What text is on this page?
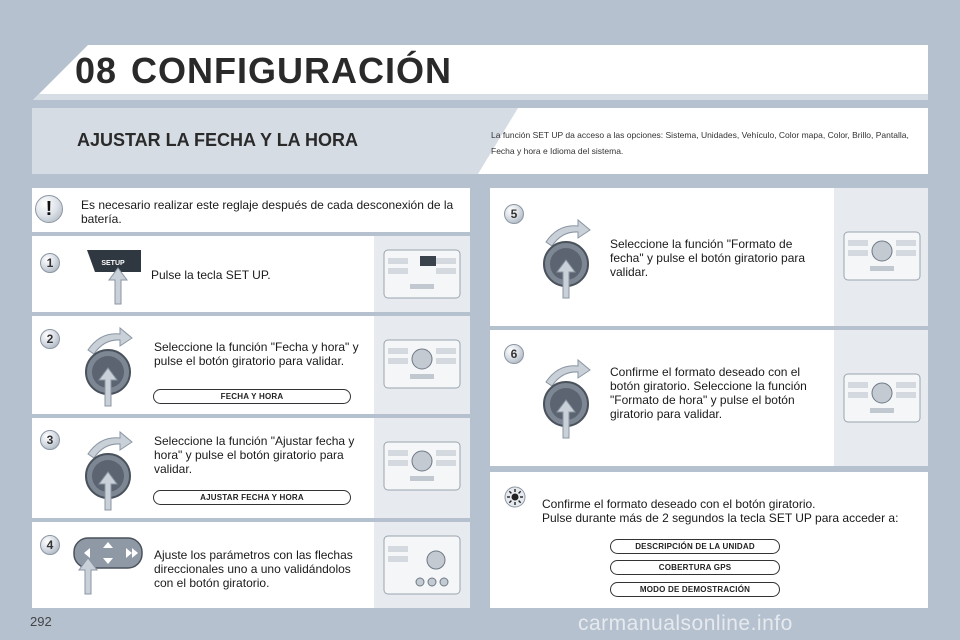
08 CONFIGURACIÓN
AJUSTAR LA FECHA Y LA HORA	La función SET UP da acceso a las opciones: Sistema, Unidades, Vehículo, Color mapa, Color, Brillo, Pantalla, Fecha y hora e Idioma del sistema.
! Es necesario realizar este reglaje después de cada desconexión de la batería.
1	SETUP
Pulse la tecla SET UP.
2
Seleccione la función "Fecha y hora" y pulse el botón giratorio para validar.
FECHA Y HORA
3	Seleccione la función "Ajustar fecha y hora" y pulse el botón giratorio para validar.
AJUSTAR FECHA Y HORA
4
Ajuste los parámetros con las flechas direccionales uno a uno validándolos con el botón giratorio.
5
Seleccione la función "Formato de fecha" y pulse el botón giratorio para validar.
6
Confirme el formato deseado con el botón giratorio. Seleccione la función "Formato de hora" y pulse el botón giratorio para validar.
Confirme el formato deseado con el botón giratorio.
Pulse durante más de 2 segundos la tecla SET UP para acceder a:
DESCRIPCIÓN DE LA UNIDAD
COBERTURA GPS
MODO DE DEMOSTRACIÓN
292	carmanualsonline.info
